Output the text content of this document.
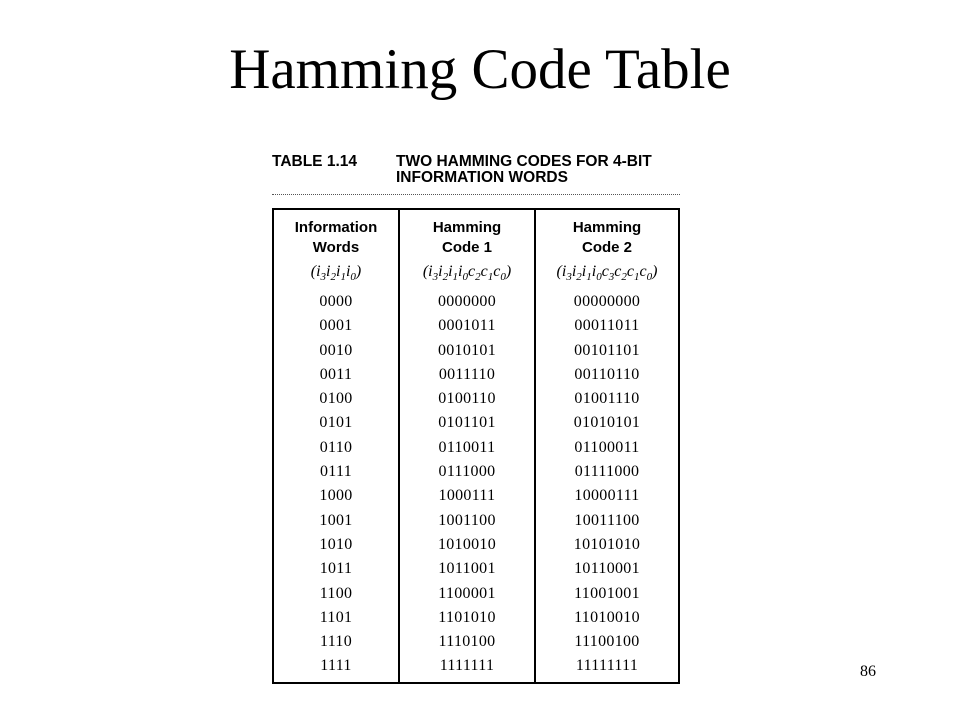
Hamming Code Table
TABLE 1.14	TWO HAMMING CODES FOR 4-BIT
INFORMATION WORDS
Information
Words
$(i_3i_2i_1i_0)$
0000
0001
0010
0011
0100
0101
0110
0111
1000
1001
1010
1011
1100
1101
1110
1111
Hamming
Code 1
$(i_3i_2i_1i_0c_2c_1c_0)$
0000000
0001011
0010101
0011110
0100110
0101101
0110011
0111000
1000111
1001100
1010010
1011001
1100001
1101010
1110100
1111111
Hamming
Code 2
$(i_3i_2i_1i_0c_3c_2c_1c_0)$
00000000
00011011
00101101
00110110
01001110
01010101
01100011
01111000
10000111
10011100
10101010
10110001
11001001
11010010
11100100
11111111	86
